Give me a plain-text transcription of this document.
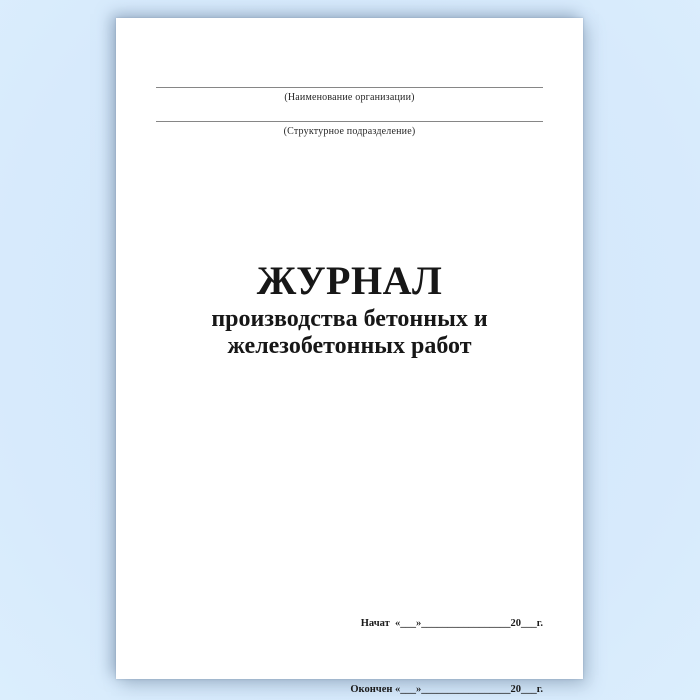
(Наименование организации)
(Структурное подразделение)
ЖУРНАЛ

производства бетонных и

железобетонных работ

Начат  «___»_________________20___г.

Окончен «___»_________________20___г.
